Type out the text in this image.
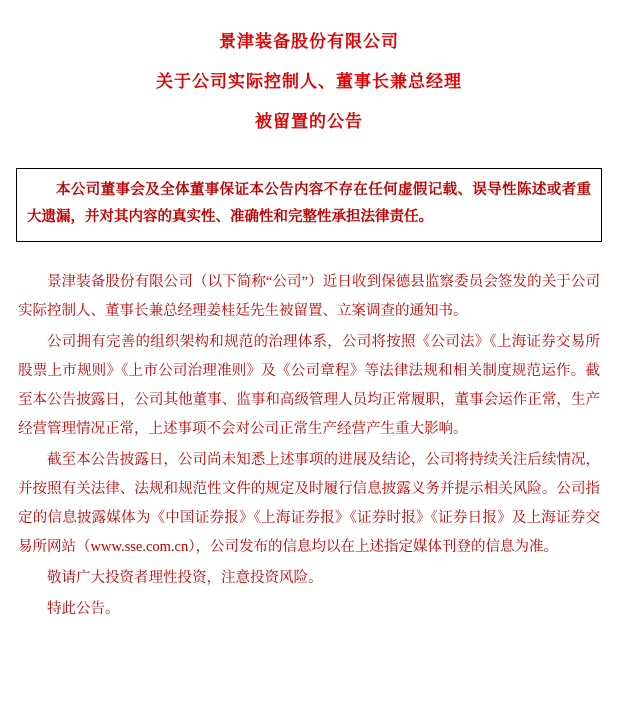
景津装备股份有限公司
关于公司实际控制人、董事长兼总经理
被留置的公告

本公司董事会及全体董事保证本公告内容不存在任何虚假记载、误导性陈述或者重大遗漏，并对其内容的真实性、准确性和完整性承担法律责任。

景津装备股份有限公司（以下简称“公司”）近日收到保德县监察委员会签发的关于公司实际控制人、董事长兼总经理姜桂廷先生被留置、立案调查的通知书。

公司拥有完善的组织架构和规范的治理体系，公司将按照《公司法》《上海证券交易所股票上市规则》《上市公司治理准则》及《公司章程》等法律法规和相关制度规范运作。截至本公告披露日，公司其他董事、监事和高级管理人员均正常履职，董事会运作正常，生产经营管理情况正常，上述事项不会对公司正常生产经营产生重大影响。

截至本公告披露日，公司尚未知悉上述事项的进展及结论，公司将持续关注后续情况，并按照有关法律、法规和规范性文件的规定及时履行信息披露义务并提示相关风险。公司指定的信息披露媒体为《中国证券报》《上海证券报》《证券时报》《证券日报》及上海证券交易所网站（www.sse.com.cn），公司发布的信息均以在上述指定媒体刊登的信息为准。

敬请广大投资者理性投资，注意投资风险。

特此公告。
